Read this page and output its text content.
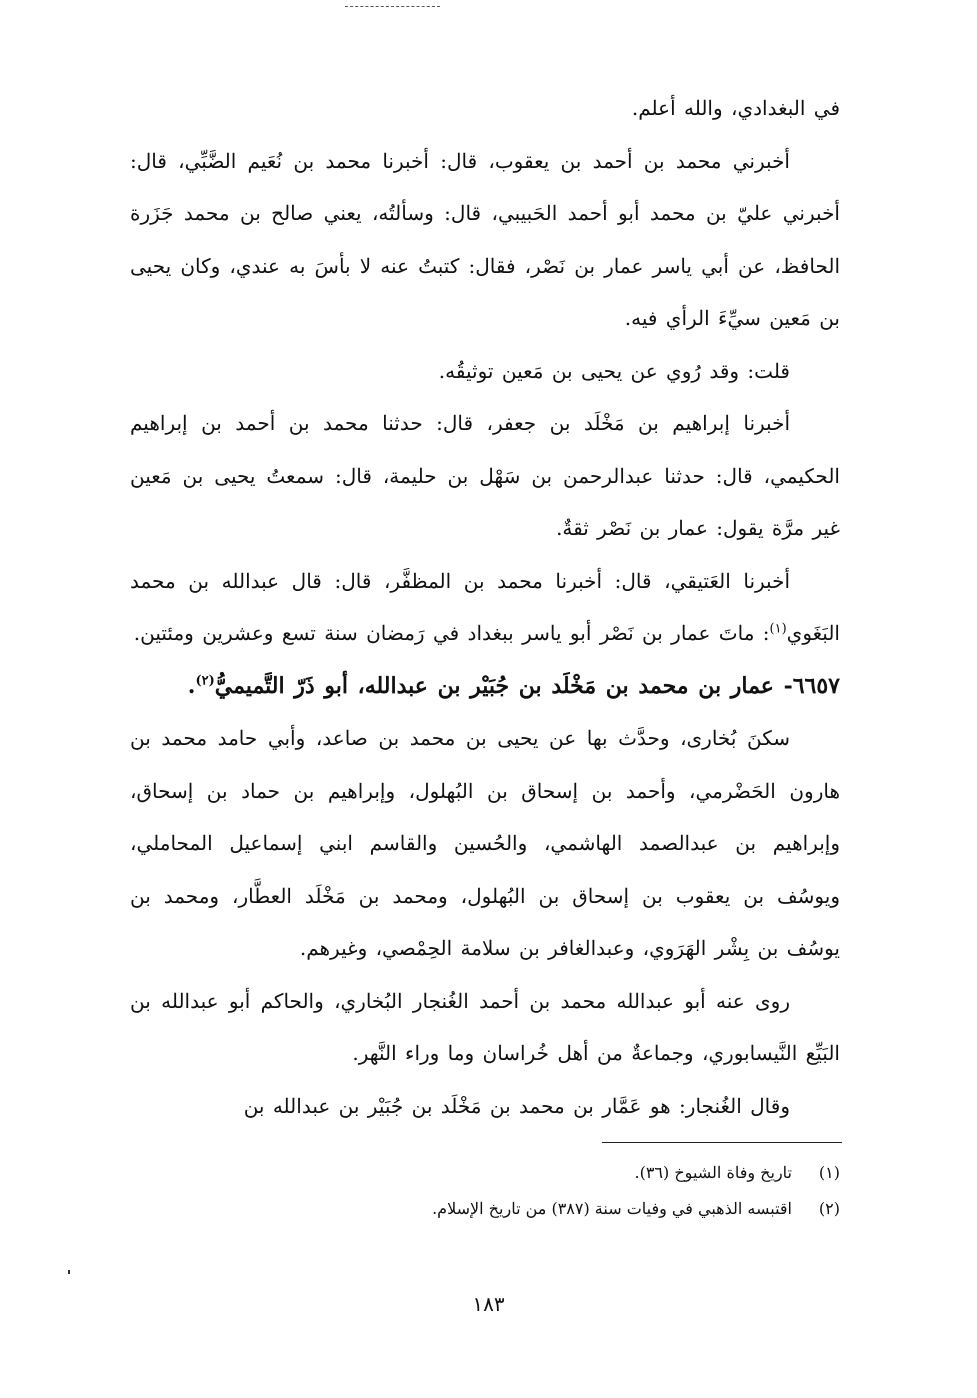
في البغدادي، والله أعلم.

أخبرني محمد بن أحمد بن يعقوب، قال: أخبرنا محمد بن نُعَيم الضَّبِّي، قال: أخبرني عليّ بن محمد أبو أحمد الحَبيبي، قال: وسألتُه، يعني صالح بن محمد جَزَرة الحافظ، عن أبي ياسر عمار بن نَصْر، فقال: كتبتُ عنه لا بأسَ به عندي، وكان يحيى بن مَعين سيِّءَ الرأي فيه.

قلت: وقد رُوي عن يحيى بن مَعين توثيقُه.

أخبرنا إبراهيم بن مَخْلَد بن جعفر، قال: حدثنا محمد بن أحمد بن إبراهيم الحكيمي، قال: حدثنا عبدالرحمن بن سَهْل بن حليمة، قال: سمعتُ يحيى بن مَعين غير مرَّة يقول: عمار بن نَصْر ثقةٌ.

أخبرنا العَتيقي، قال: أخبرنا محمد بن المظفَّر، قال: قال عبدالله بن محمد البَغَوي$^{(١)}$: ماتَ عمار بن نَصْر أبو ياسر ببغداد في رَمضان سنة تسع وعشرين ومئتين.

٦٦٥٧- عمار بن محمد بن مَخْلَد بن جُبَيْر بن عبدالله، أبو ذَرّ التَّميميُّ$^{(٢)}$.

سكنَ بُخارى، وحدَّث بها عن يحيى بن محمد بن صاعد، وأبي حامد محمد بن هارون الحَضْرمي، وأحمد بن إسحاق بن البُهلول، وإبراهيم بن حماد بن إسحاق، وإبراهيم بن عبدالصمد الهاشمي، والحُسين والقاسم ابني إسماعيل المحاملي، ويوسُف بن يعقوب بن إسحاق بن البُهلول، ومحمد بن مَخْلَد العطَّار، ومحمد بن يوسُف بن بِشْر الهَرَوي، وعبدالغافر بن سلامة الحِمْصي، وغيرهم.

روى عنه أبو عبدالله محمد بن أحمد الغُنجار البُخاري، والحاكم أبو عبدالله بن البَيِّع النَّيسابوري، وجماعةٌ من أهل خُراسان وما وراء النَّهر.

وقال الغُنجار: هو عَمَّار بن محمد بن مَخْلَد بن جُبَيْر بن عبدالله بن

(١)
تاريخ وفاة الشيوخ (٣٦).
(٢)
اقتبسه الذهبي في وفيات سنة (٣٨٧) من تاريخ الإسلام.
١٨٣
